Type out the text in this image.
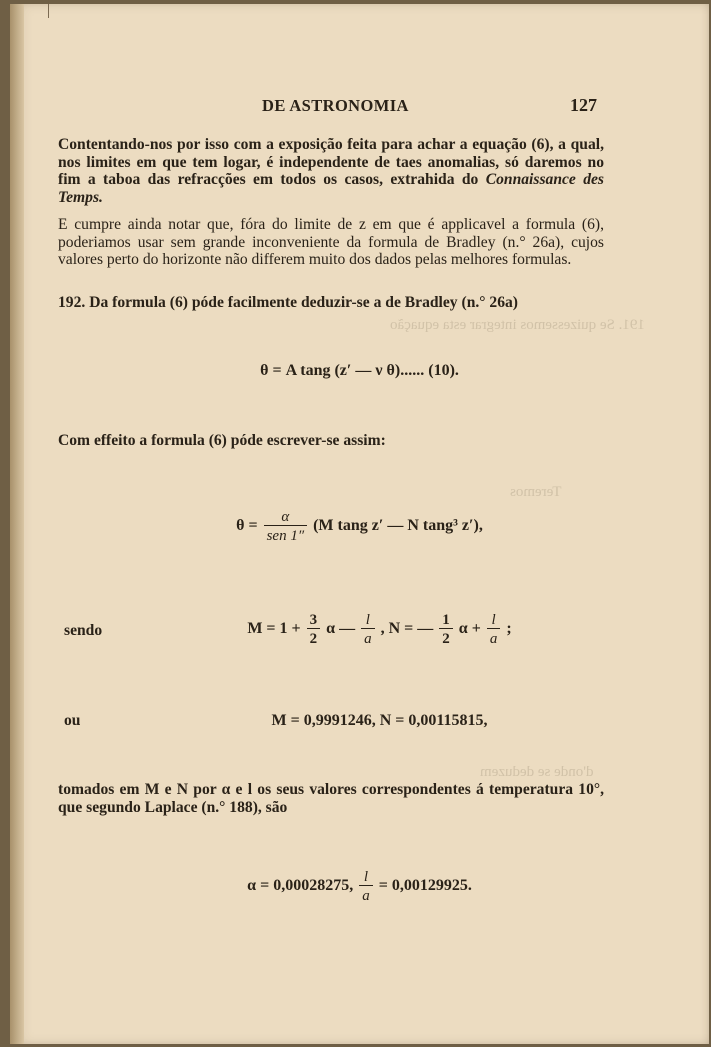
191. Se quizessemos integrar esta equação
Teremos
d'onde se deduzem
DE ASTRONOMIA	127

Contentando-nos por isso com a exposição feita para achar a equação (6), a qual, nos limites em que tem logar, é independente de taes anomalias, só daremos no fim a taboa das refracções em todos os casos, extrahida do Connaissance des Temps.

E cumpre ainda notar que, fóra do limite de z em que é applicavel a formula (6), poderiamos usar sem grande inconveniente da formula de Bradley (n.° 26a), cujos valores perto do horizonte não differem muito dos dados pelas melhores formulas.

192. Da formula (6) póde facilmente deduzir-se a de Bradley (n.° 26a)

θ = A tang (z′ — ν θ)...... (10).
Com effeito a formula (6) póde escrever-se assim:
$\theta = \frac{\alpha}{\text{sen 1″}} (M$ tang z′ — N tang³ z′),
sendo	$M = 1 + \frac{3}{2}$ α — $\frac{l}{a}$ , N = — $\frac{1}{2}$ $\alpha + \frac{l}{a}$ ;
ou	M = 0,9991246, N = 0,00115815,

tomados em M e N por α e l os seus valores correspondentes á temperatura 10°, que segundo Laplace (n.° 188), são

α = 0,00028275, $\frac{l}{a} = 0,00129925$.
